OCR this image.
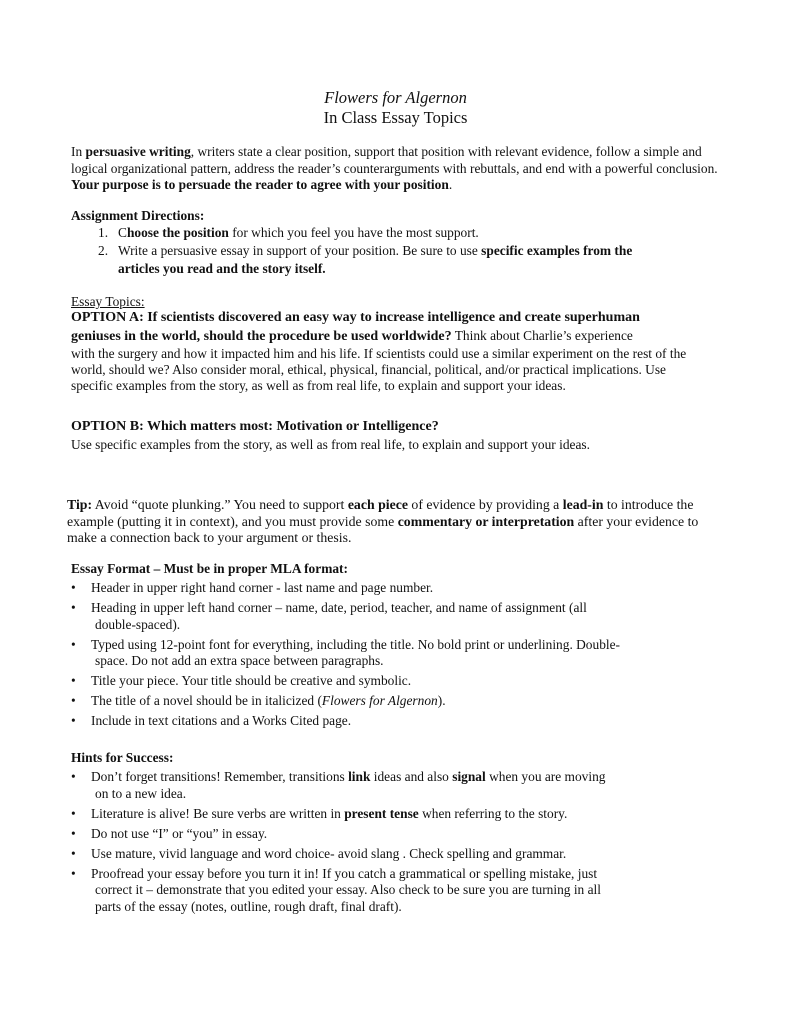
Flowers for Algernon
In Class Essay Topics

In persuasive writing, writers state a clear position, support that position with relevant evidence, follow a simple and logical organizational pattern, address the reader’s counterarguments with rebuttals, and end with a powerful conclusion. Your purpose is to persuade the reader to agree with your position.

Assignment Directions:

1. Choose the position for which you feel you have the most support.
2. Write a persuasive essay in support of your position. Be sure to use specific examples from the
articles you read and the story itself.

Essay Topics:

OPTION A: If scientists discovered an easy way to increase intelligence and create superhuman

geniuses in the world, should the procedure be used worldwide? Think about Charlie’s experience

with the surgery and how it impacted him and his life. If scientists could use a similar experiment on the rest of the

world, should we? Also consider moral, ethical, physical, financial, political, and/or practical implications. Use

specific examples from the story, as well as from real life, to explain and support your ideas.

OPTION B: Which matters most: Motivation or Intelligence?

Use specific examples from the story, as well as from real life, to explain and support your ideas.

Tip: Avoid “quote plunking.” You need to support each piece of evidence by providing a lead-in to introduce the example (putting it in context), and you must provide some commentary or interpretation after your evidence to make a connection back to your argument or thesis.

Essay Format – Must be in proper MLA format:

• Header in upper right hand corner - last name and page number.
• Heading in upper left hand corner – name, date, period, teacher, and name of assignment (all
double-spaced).
• Typed using 12-point font for everything, including the title. No bold print or underlining. Double-
space. Do not add an extra space between paragraphs.
• Title your piece. Your title should be creative and symbolic.
• The title of a novel should be in italicized (Flowers for Algernon).
• Include in text citations and a Works Cited page.

Hints for Success:

• Don’t forget transitions! Remember, transitions link ideas and also signal when you are moving
on to a new idea.
• Literature is alive! Be sure verbs are written in present tense when referring to the story.
• Do not use “I” or “you” in essay.
• Use mature, vivid language and word choice- avoid slang . Check spelling and grammar.
• Proofread your essay before you turn it in! If you catch a grammatical or spelling mistake, just
correct it – demonstrate that you edited your essay. Also check to be sure you are turning in all
parts of the essay (notes, outline, rough draft, final draft).
